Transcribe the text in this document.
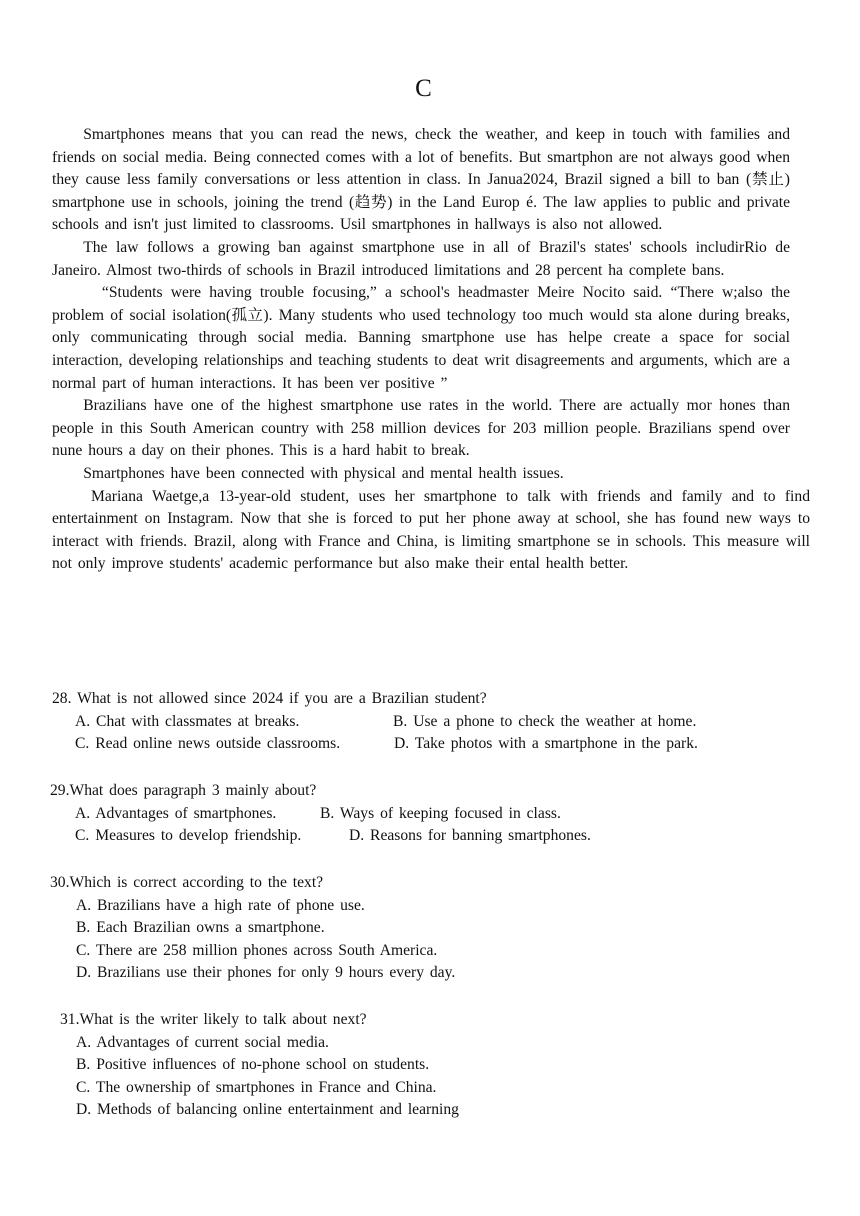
C

Smartphones means that you can read the news, check the weather, and keep in touch with families and friends on social media. Being connected comes with a lot of benefits. But smartphon are not always good when they cause less family conversations or less attention in class. In Janua2024, Brazil signed a bill to ban (禁止) smartphone use in schools, joining the trend (趋势) in the Land Europ é. The law applies to public and private schools and isn't just limited to classrooms. Usil smartphones in hallways is also not allowed.

The law follows a growing ban against smartphone use in all of Brazil's states' schools includirRio de Janeiro. Almost two-thirds of schools in Brazil introduced limitations and 28 percent ha complete bans.

“Students were having trouble focusing,” a school's headmaster Meire Nocito said. “There w;also the problem of social isolation(孤立). Many students who used technology too much would sta alone during breaks, only communicating through social media. Banning smartphone use has helpe create a space for social interaction, developing relationships and teaching students to deat writ disagreements and arguments, which are a normal part of human interactions. It has been ver positive ”

Brazilians have one of the highest smartphone use rates in the world. There are actually mor hones than people in this South American country with 258 million devices for 203 million people. Brazilians spend over nune hours a day on their phones. This is a hard habit to break.

Smartphones have been connected with physical and mental health issues.

Mariana Waetge,a 13-year-old student, uses her smartphone to talk with friends and family and to find entertainment on Instagram. Now that she is forced to put her phone away at school, she has found new ways to interact with friends. Brazil, along with France and China, is limiting smartphone se in schools. This measure will not only improve students' academic performance but also make their ental health better.

28. What is not allowed since 2024 if you are a Brazilian student?
A. Chat with classmates at breaks.	B. Use a phone to check the weather at home.
C. Read online news outside classrooms.	D. Take photos with a smartphone in the park.
29.What does paragraph 3 mainly about?
A. Advantages of smartphones.	B. Ways of keeping focused in class.
C. Measures to develop friendship.	D. Reasons for banning smartphones.
30.Which is correct according to the text?
A. Brazilians have a high rate of phone use.
B. Each Brazilian owns a smartphone.
C. There are 258 million phones across South America.
D. Brazilians use their phones for only 9 hours every day.
31.What is the writer likely to talk about next?
A. Advantages of current social media.
B. Positive influences of no-phone school on students.
C. The ownership of smartphones in France and China.
D. Methods of balancing online entertainment and learning
